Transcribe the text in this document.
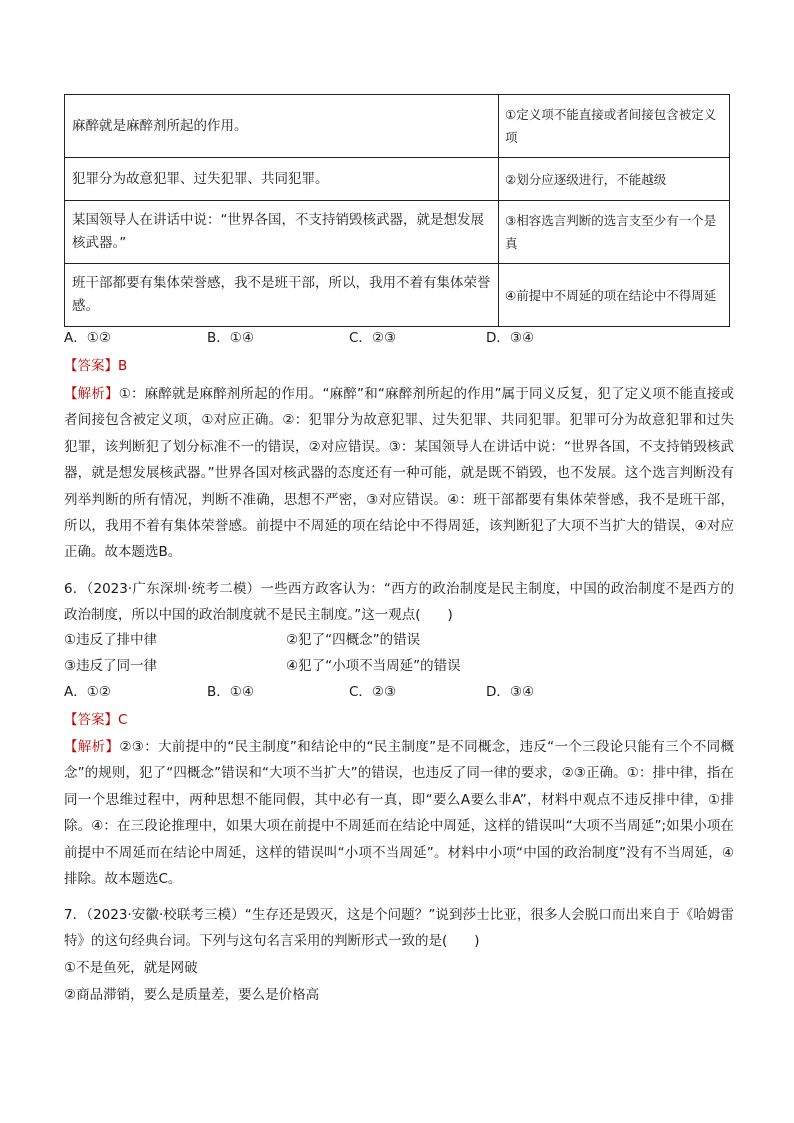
麻醉就是麻醉剂所起的作用。	①定义项不能直接或者间接包含被定义项
犯罪分为故意犯罪、过失犯罪、共同犯罪。	②划分应逐级进行，不能越级
某国领导人在讲话中说：“世界各国，不支持销毁核武器，就是想发展核武器。”	③相容选言判断的选言支至少有一个是真
班干部都要有集体荣誉感，我不是班干部，所以，我用不着有集体荣誉感。	④前提中不周延的项在结论中不得周延
A．①②	B．①④	C．②③	D．③④
【答案】B
【解析】①：麻醉就是麻醉剂所起的作用。“麻醉”和“麻醉剂所起的作用”属于同义反复，犯了定义项不能直接或者间接包含被定义项，①对应正确。②：犯罪分为故意犯罪、过失犯罪、共同犯罪。犯罪可分为故意犯罪和过失犯罪，该判断犯了划分标准不一的错误，②对应错误。③：某国领导人在讲话中说：“世界各国，不支持销毁核武器，就是想发展核武器。”世界各国对核武器的态度还有一种可能，就是既不销毁，也不发展。这个选言判断没有列举判断的所有情况，判断不准确，思想不严密，③对应错误。④：班干部都要有集体荣誉感，我不是班干部，所以，我用不着有集体荣誉感。前提中不周延的项在结论中不得周延，该判断犯了大项不当扩大的错误，④对应正确。故本题选B。
6．（2023·广东深圳·统考二模）一些西方政客认为：“西方的政治制度是民主制度，中国的政治制度不是西方的政治制度，所以中国的政治制度就不是民主制度。”这一观点(　　)
①违反了排中律	②犯了“四概念”的错误
③违反了同一律	④犯了“小项不当周延”的错误
A．①②	B．①④	C．②③	D．③④
【答案】C
【解析】②③：大前提中的“民主制度”和结论中的“民主制度”是不同概念，违反“一个三段论只能有三个不同概念”的规则，犯了“四概念”错误和“大项不当扩大”的错误，也违反了同一律的要求，②③正确。①：排中律，指在同一个思维过程中，两种思想不能同假，其中必有一真，即“要么A要么非A”，材料中观点不违反排中律，①排除。④：在三段论推理中，如果大项在前提中不周延而在结论中周延，这样的错误叫“大项不当周延”;如果小项在前提中不周延而在结论中周延，这样的错误叫“小项不当周延”。材料中小项“中国的政治制度”没有不当周延，④排除。故本题选C。
7．（2023·安徽·校联考三模）“生存还是毁灭，这是个问题？”说到莎士比亚，很多人会脱口而出来自于《哈姆雷特》的这句经典台词。下列与这句名言采用的判断形式一致的是(　　)
①不是鱼死，就是网破
②商品滞销，要么是质量差，要么是价格高
